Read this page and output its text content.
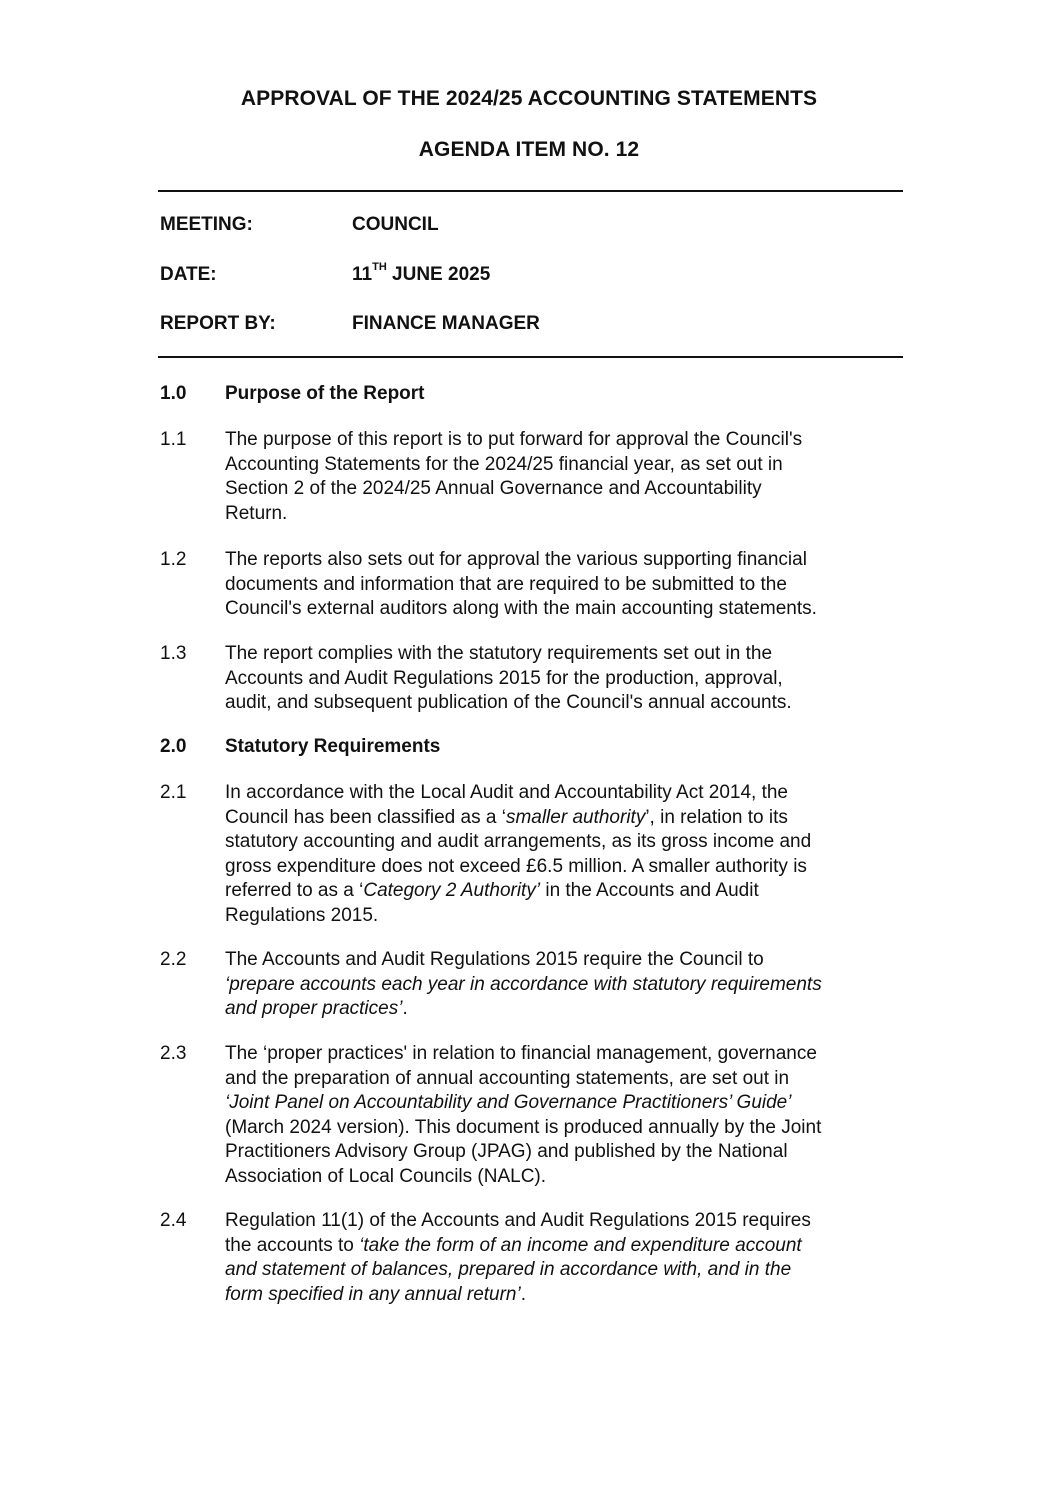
APPROVAL OF THE 2024/25 ACCOUNTING STATEMENTS
AGENDA ITEM NO. 12
MEETING:	COUNCIL
DATE:	11TH JUNE 2025
REPORT BY:	FINANCE MANAGER
1.0 Purpose of the Report
1.1 The purpose of this report is to put forward for approval the Council's
Accounting Statements for the 2024/25 financial year, as set out in
Section 2 of the 2024/25 Annual Governance and Accountability
Return.
1.2 The reports also sets out for approval the various supporting financial
documents and information that are required to be submitted to the
Council's external auditors along with the main accounting statements.
1.3 The report complies with the statutory requirements set out in the
Accounts and Audit Regulations 2015 for the production, approval,
audit, and subsequent publication of the Council's annual accounts.
2.0 Statutory Requirements
2.1 In accordance with the Local Audit and Accountability Act 2014, the
Council has been classified as a ‘smaller authority’, in relation to its
statutory accounting and audit arrangements, as its gross income and
gross expenditure does not exceed £6.5 million. A smaller authority is
referred to as a ‘Category 2 Authority’ in the Accounts and Audit
Regulations 2015.
2.2 The Accounts and Audit Regulations 2015 require the Council to
‘prepare accounts each year in accordance with statutory requirements
and proper practices’.
2.3 The ‘proper practices' in relation to financial management, governance
and the preparation of annual accounting statements, are set out in
‘Joint Panel on Accountability and Governance Practitioners’ Guide’
(March 2024 version). This document is produced annually by the Joint
Practitioners Advisory Group (JPAG) and published by the National
Association of Local Councils (NALC).
2.4 Regulation 11(1) of the Accounts and Audit Regulations 2015 requires
the accounts to ‘take the form of an income and expenditure account
and statement of balances, prepared in accordance with, and in the
form specified in any annual return’.
